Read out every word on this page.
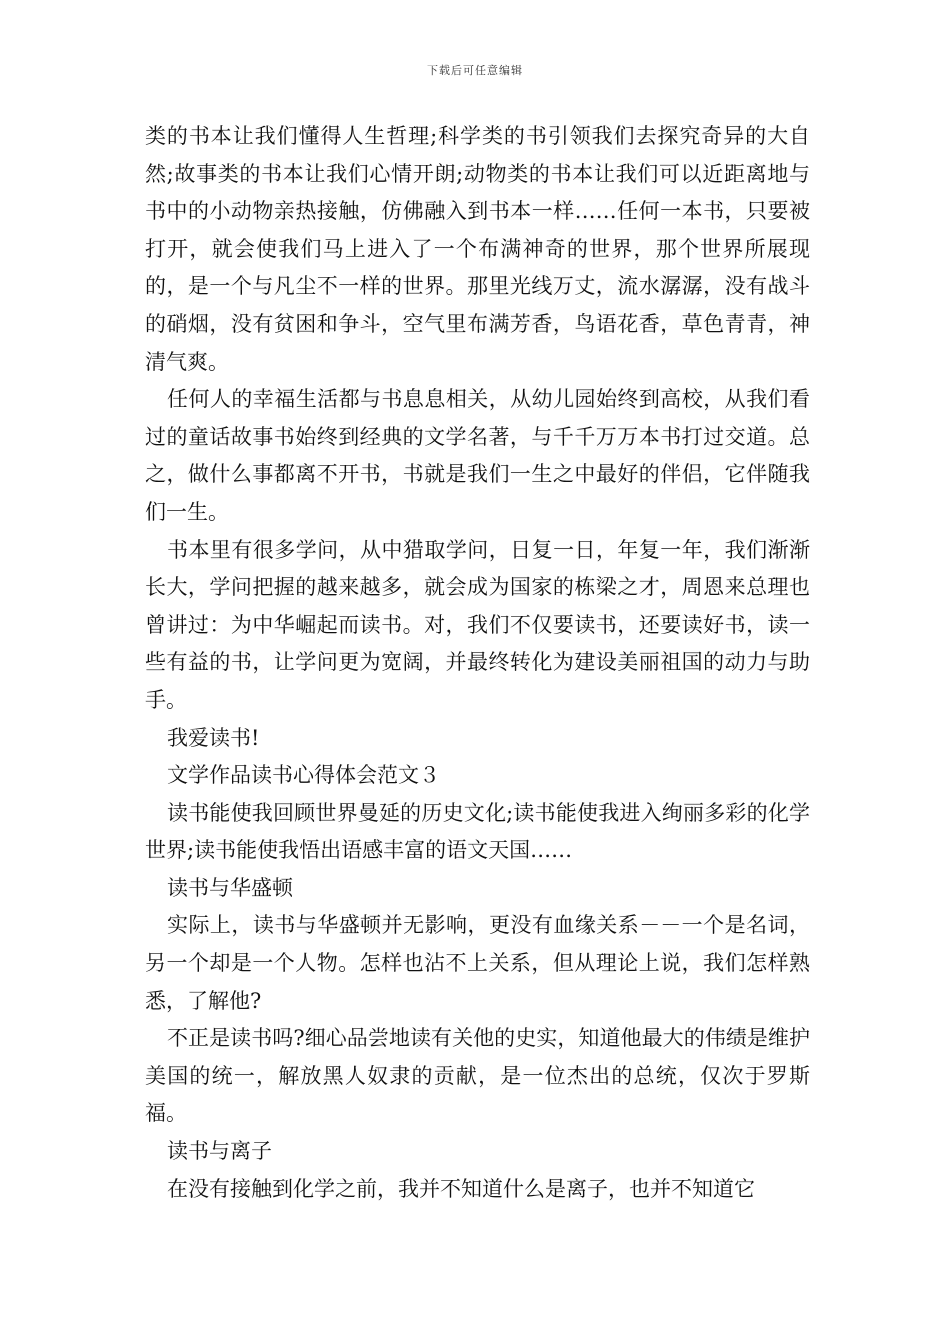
下载后可任意编辑

类的书本让我们懂得人生哲理;科学类的书引领我们去探究奇异的大自然;故事类的书本让我们心情开朗;动物类的书本让我们可以近距离地与书中的小动物亲热接触，仿佛融入到书本一样……任何一本书，只要被打开，就会使我们马上进入了一个布满神奇的世界，那个世界所展现的，是一个与凡尘不一样的世界。那里光线万丈，流水潺潺，没有战斗的硝烟，没有贫困和争斗，空气里布满芳香，鸟语花香，草色青青，神清气爽。

任何人的幸福生活都与书息息相关，从幼儿园始终到高校，从我们看过的童话故事书始终到经典的文学名著，与千千万万本书打过交道。总之，做什么事都离不开书，书就是我们一生之中最好的伴侣，它伴随我们一生。

书本里有很多学问，从中猎取学问，日复一日，年复一年，我们渐渐长大，学问把握的越来越多，就会成为国家的栋梁之才，周恩来总理也曾讲过：为中华崛起而读书。对，我们不仅要读书，还要读好书，读一些有益的书，让学问更为宽阔，并最终转化为建设美丽祖国的动力与助手。

我爱读书!

文学作品读书心得体会范文３

读书能使我回顾世界曼延的历史文化;读书能使我进入绚丽多彩的化学世界;读书能使我悟出语感丰富的语文天国……

读书与华盛顿

实际上，读书与华盛顿并无影响，更没有血缘关系－－一个是名词，另一个却是一个人物。怎样也沾不上关系，但从理论上说，我们怎样熟悉，了解他?

不正是读书吗?细心品尝地读有关他的史实，知道他最大的伟绩是维护美国的统一，解放黑人奴隶的贡献，是一位杰出的总统，仅次于罗斯福。

读书与离子

在没有接触到化学之前，我并不知道什么是离子，也并不知道它
